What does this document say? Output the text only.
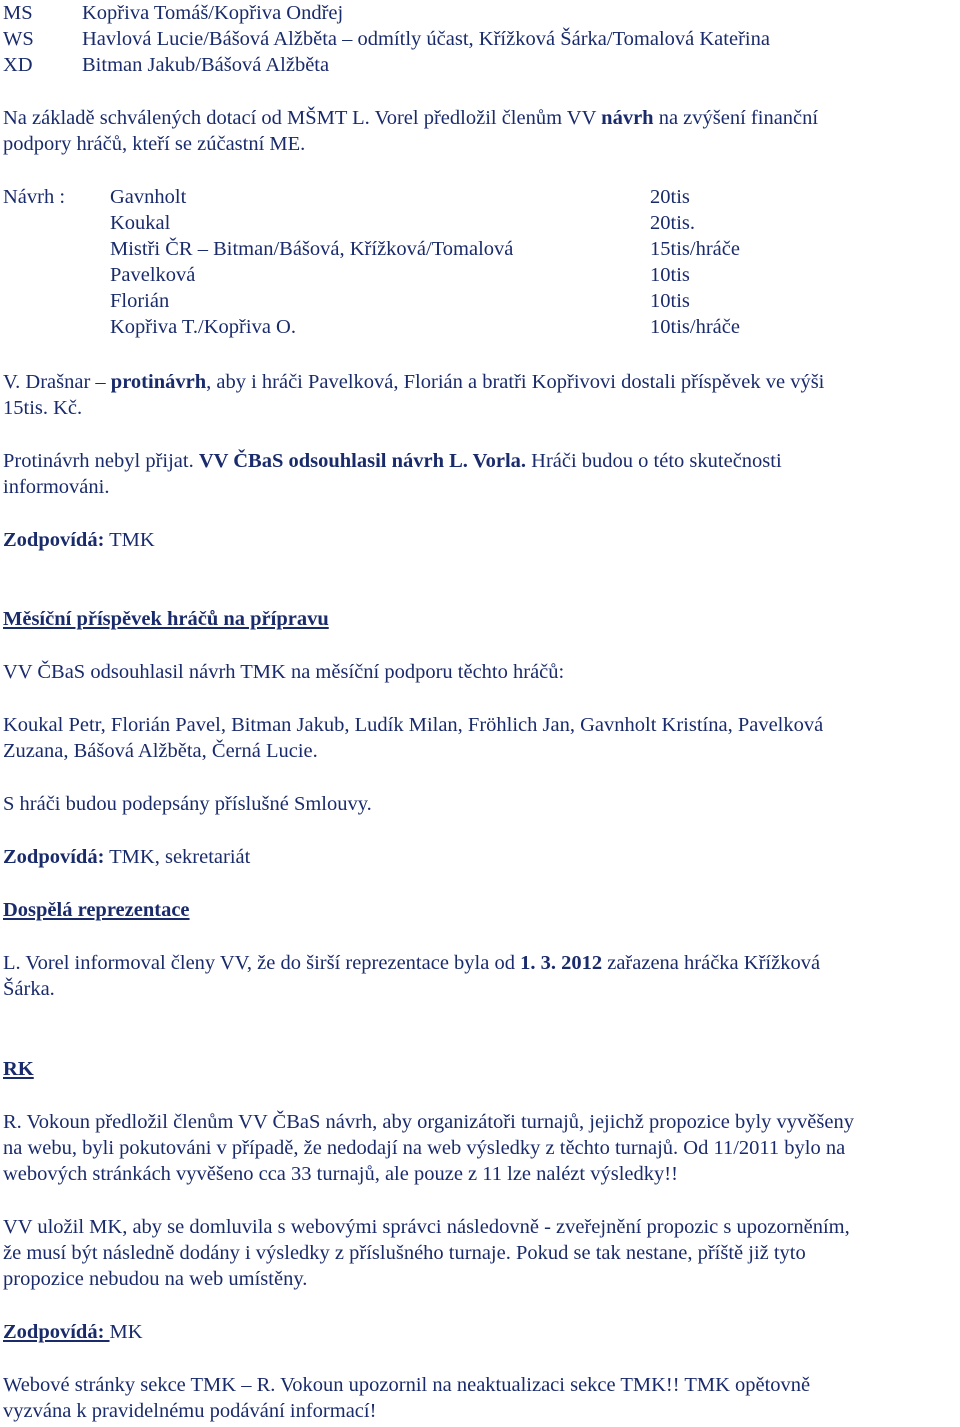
MS Kopřiva Tomáš/Kopřiva Ondřej
WS Havlová Lucie/Bášová Alžběta – odmítly účast, Křížková Šárka/Tomalová Kateřina
XD Bitman Jakub/Bášová Alžběta
Na základě schválených dotací od MŠMT L. Vorel předložil členům VV návrh na zvýšení finanční
podpory hráčů, kteří se zúčastní ME.
Návrh : Gavnholt	20tis
Koukal	20tis.
Mistři ČR – Bitman/Bášová, Křížková/Tomalová	15tis/hráče
Pavelková	10tis
Florián	10tis
Kopřiva T./Kopřiva O.	10tis/hráče
V. Drašnar – protinávrh, aby i hráči Pavelková, Florián a bratři Kopřivovi dostali příspěvek ve výši
15tis. Kč.
Protinávrh nebyl přijat. VV ČBaS odsouhlasil návrh L. Vorla. Hráči budou o této skutečnosti
informováni.
Zodpovídá: TMK
Měsíční příspěvek hráčů na přípravu
VV ČBaS odsouhlasil návrh TMK na měsíční podporu těchto hráčů:
Koukal Petr, Florián Pavel, Bitman Jakub, Ludík Milan, Fröhlich Jan, Gavnholt Kristína, Pavelková
Zuzana, Bášová Alžběta, Černá Lucie.
S hráči budou podepsány příslušné Smlouvy.
Zodpovídá: TMK, sekretariát
Dospělá reprezentace
L. Vorel informoval členy VV, že do širší reprezentace byla od 1. 3. 2012 zařazena hráčka Křížková
Šárka.
RK
R. Vokoun předložil členům VV ČBaS návrh, aby organizátoři turnajů, jejichž propozice byly vyvěšeny
na webu, byli pokutováni v případě, že nedodají na web výsledky z těchto turnajů. Od 11/2011 bylo na
webových stránkách vyvěšeno cca 33 turnajů, ale pouze z 11 lze nalézt výsledky!!
VV uložil MK, aby se domluvila s webovými správci následovně - zveřejnění propozic s upozorněním,
že musí být následně dodány i výsledky z příslušného turnaje. Pokud se tak nestane, příště již tyto
propozice nebudou na web umístěny.
Zodpovídá: MK
Webové stránky sekce TMK – R. Vokoun upozornil na neaktualizaci sekce TMK!! TMK opětovně
vyzvána k pravidelnému podávání informací!
